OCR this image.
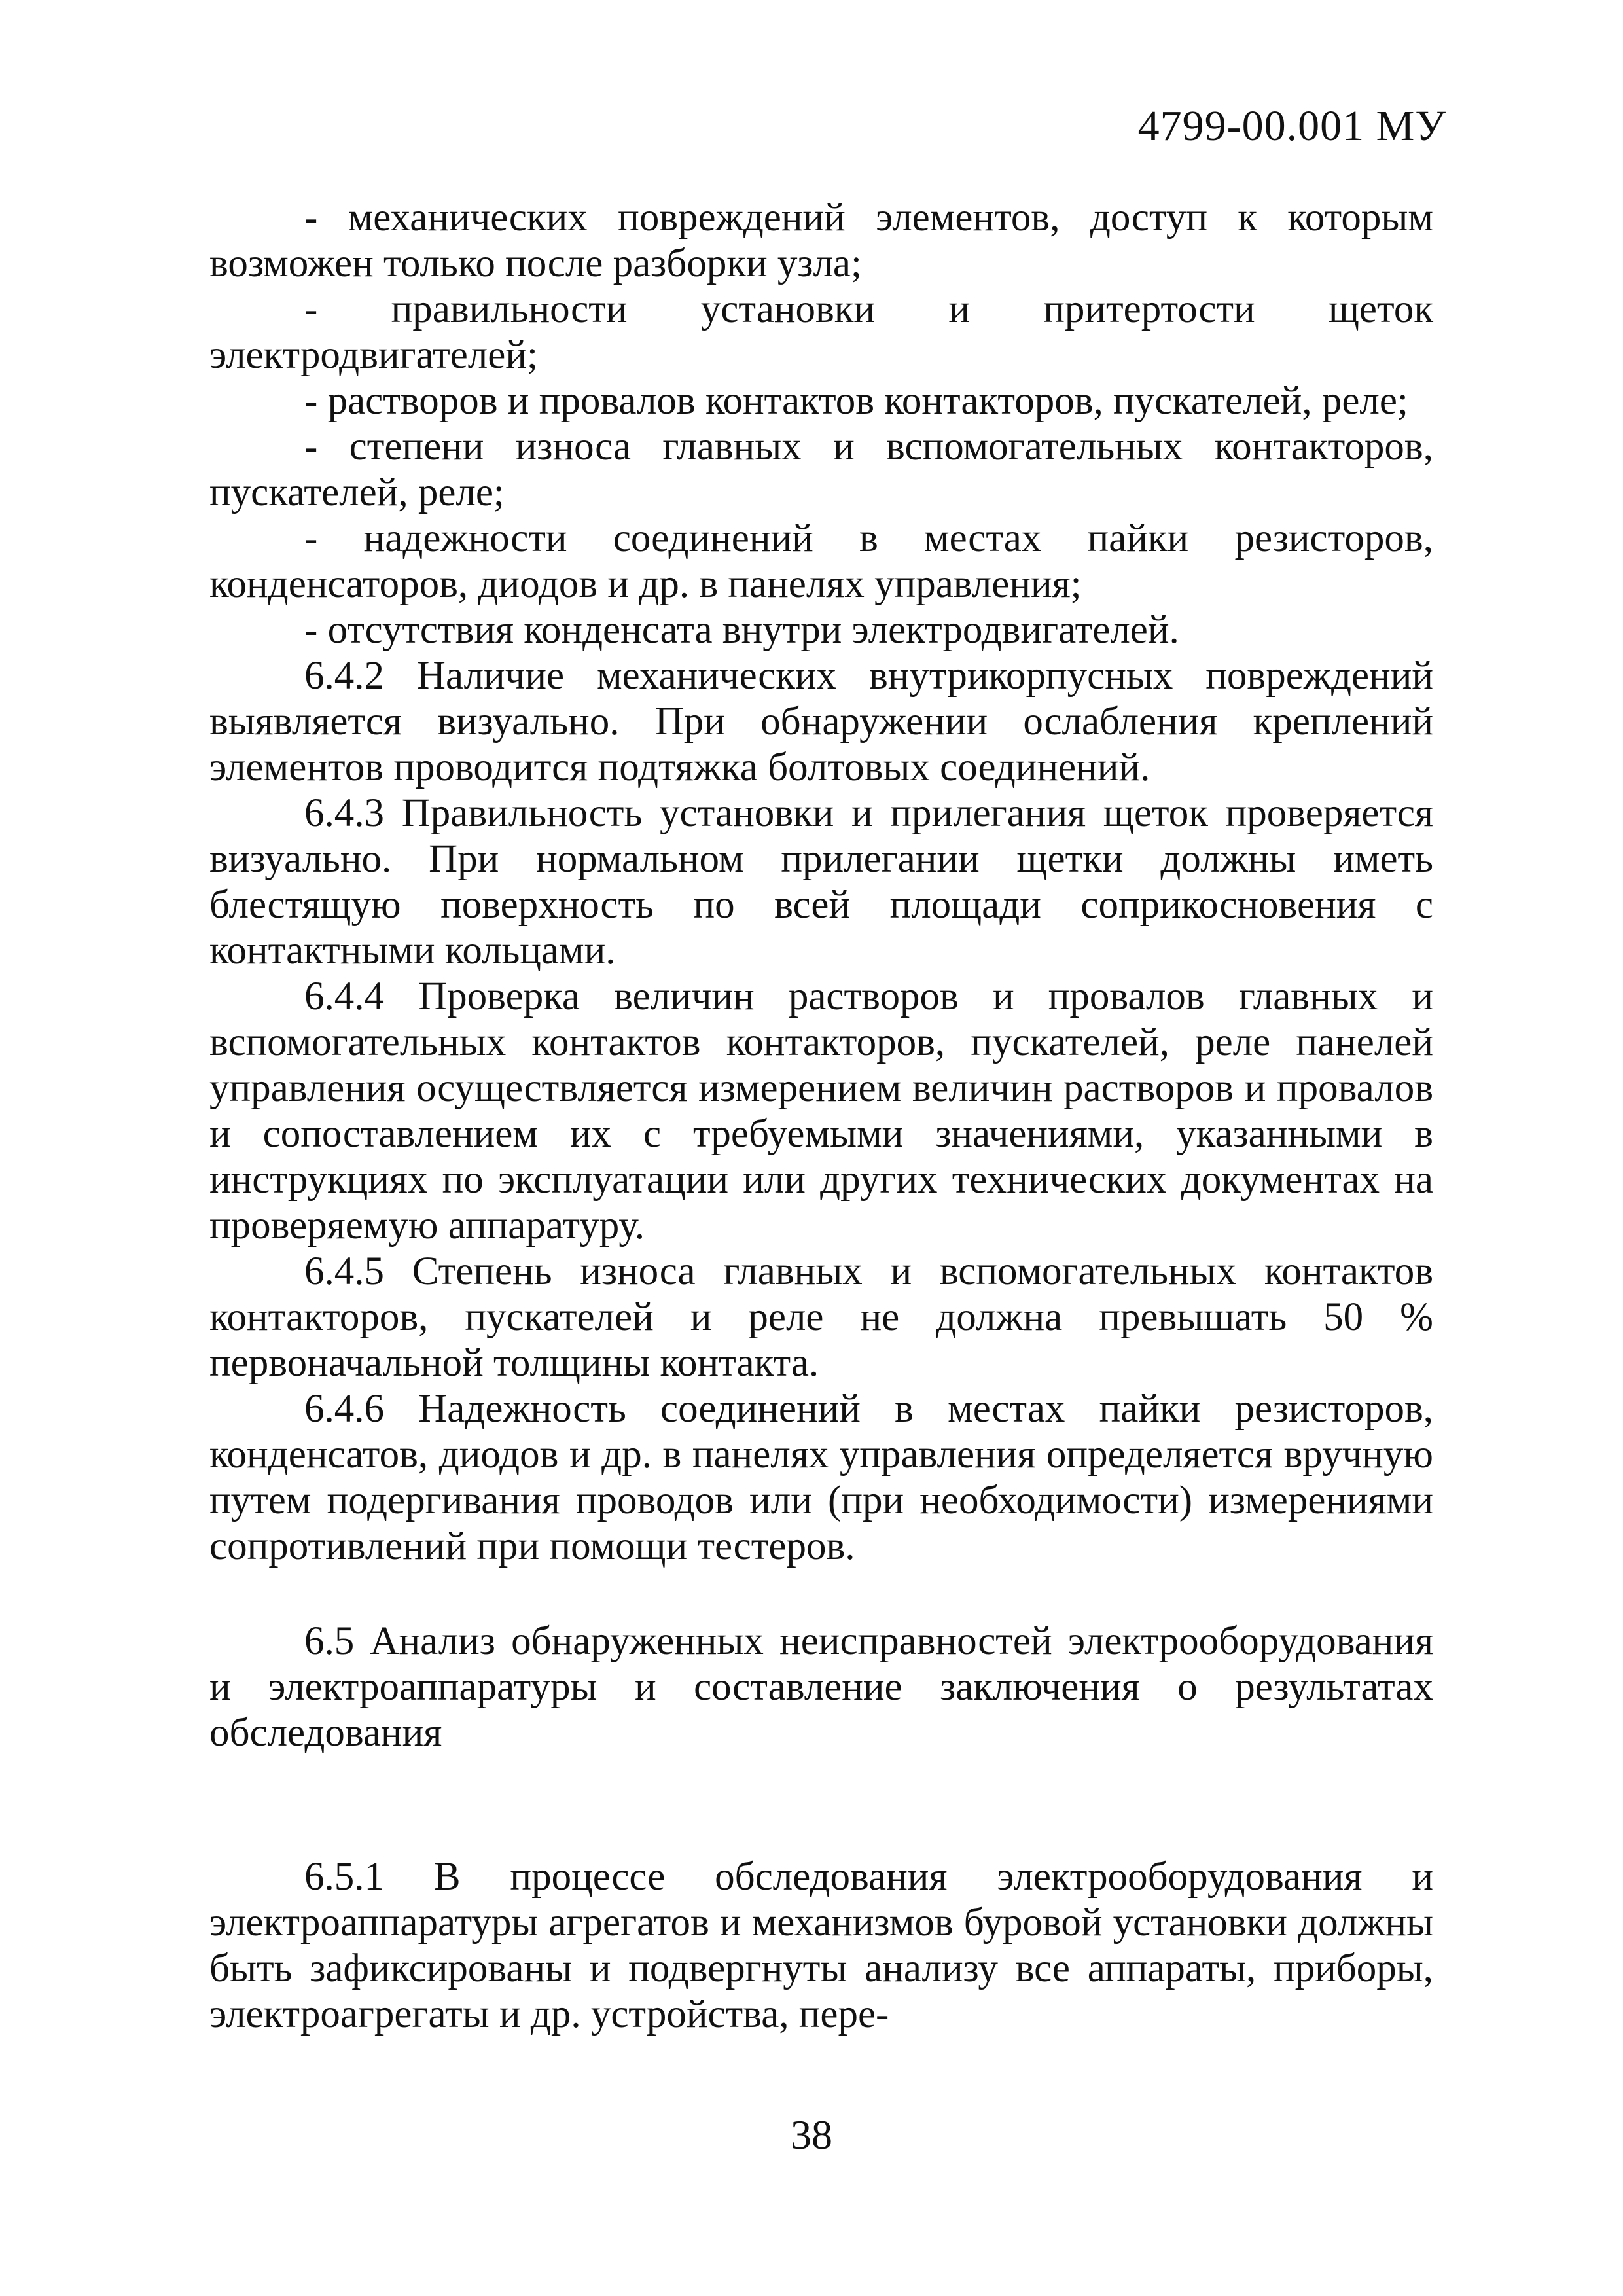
4799-00.001 МУ

- механических повреждений элементов, доступ к которым возможен только после разборки узла;

- правильности установки и притертости щеток электродвигателей;

- растворов и провалов контактов контакторов, пускателей, реле;

- степени износа главных и вспомогательных контакторов, пускателей, реле;

- надежности соединений в местах пайки резисторов, конденсаторов, диодов и др. в панелях управления;

- отсутствия конденсата внутри электродвигателей.

6.4.2 Наличие механических внутрикорпусных повреждений выявляется визуально. При обнаружении ослабления креплений элементов проводится подтяжка болтовых соединений.

6.4.3 Правильность установки и прилегания щеток проверяется визуально. При нормальном прилегании щетки должны иметь блестящую поверхность по всей площади соприкосновения с контактными кольцами.

6.4.4 Проверка величин растворов и провалов главных и вспомогательных контактов контакторов, пускателей, реле панелей управления осуществляется измерением величин растворов и провалов и сопоставлением их с требуемыми значениями, указанными в инструкциях по эксплуатации или других технических документах на проверяемую аппаратуру.

6.4.5 Степень износа главных и вспомогательных контактов контакторов, пускателей и реле не должна превышать 50 % первоначальной толщины контакта.

6.4.6 Надежность соединений в местах пайки резисторов, конденсатов, диодов и др. в панелях управления определяется вручную путем подергивания проводов или (при необходимости) измерениями сопротивлений при помощи тестеров.

6.5 Анализ обнаруженных неисправностей электрооборудования и электроаппаратуры и составление заключения о результатах обследования

6.5.1 В процессе обследования электрооборудования и электроаппаратуры агрегатов и механизмов буровой установки должны быть зафиксированы и подвергнуты анализу все аппараты, приборы, электроагрегаты и др. устройства, пере-

38
